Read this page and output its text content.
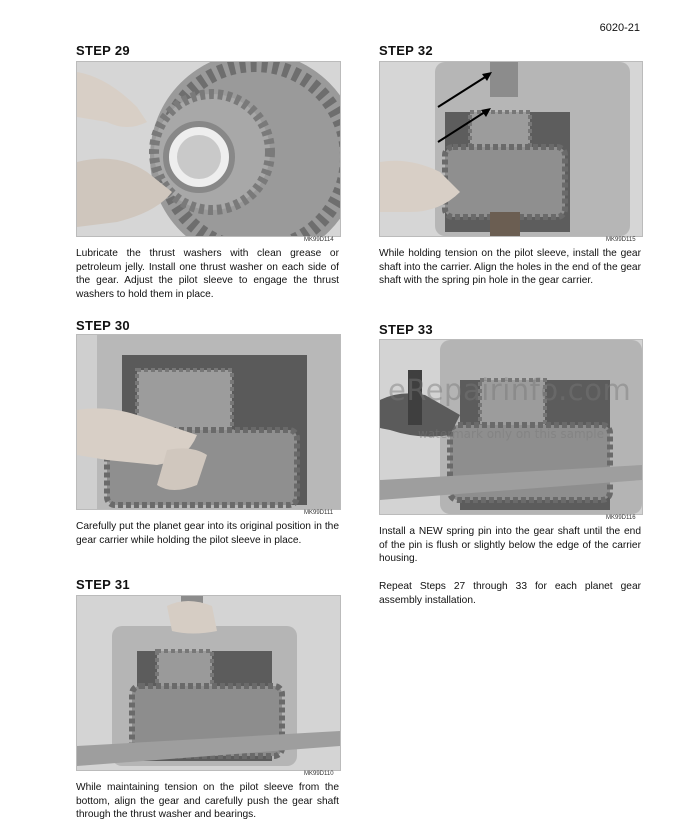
6020-21
STEP 29
MK99D114
Lubricate the thrust washers with clean grease or petroleum jelly. Install one thrust washer on each side of the gear. Adjust the pilot sleeve to engage the thrust washers to hold them in place.
STEP 30
MK99D111
Carefully put the planet gear into its original position in the gear carrier while holding the pilot sleeve in place.
STEP 31
MK99D110
While maintaining tension on the pilot sleeve from the bottom, align the gear and carefully push the gear shaft through the thrust washer and bearings.
STEP 32
MK99D115
While holding tension on the pilot sleeve, install the gear shaft into the carrier. Align the holes in the end of the gear shaft with the spring pin hole in the gear carrier.
STEP 33
MK99D116
Install a NEW spring pin into the gear shaft until the end of the pin is flush or slightly below the edge of the carrier housing.
Repeat Steps 27 through 33 for each planet gear assembly installation.
eRepairinfo.com
watermark only on this sample
